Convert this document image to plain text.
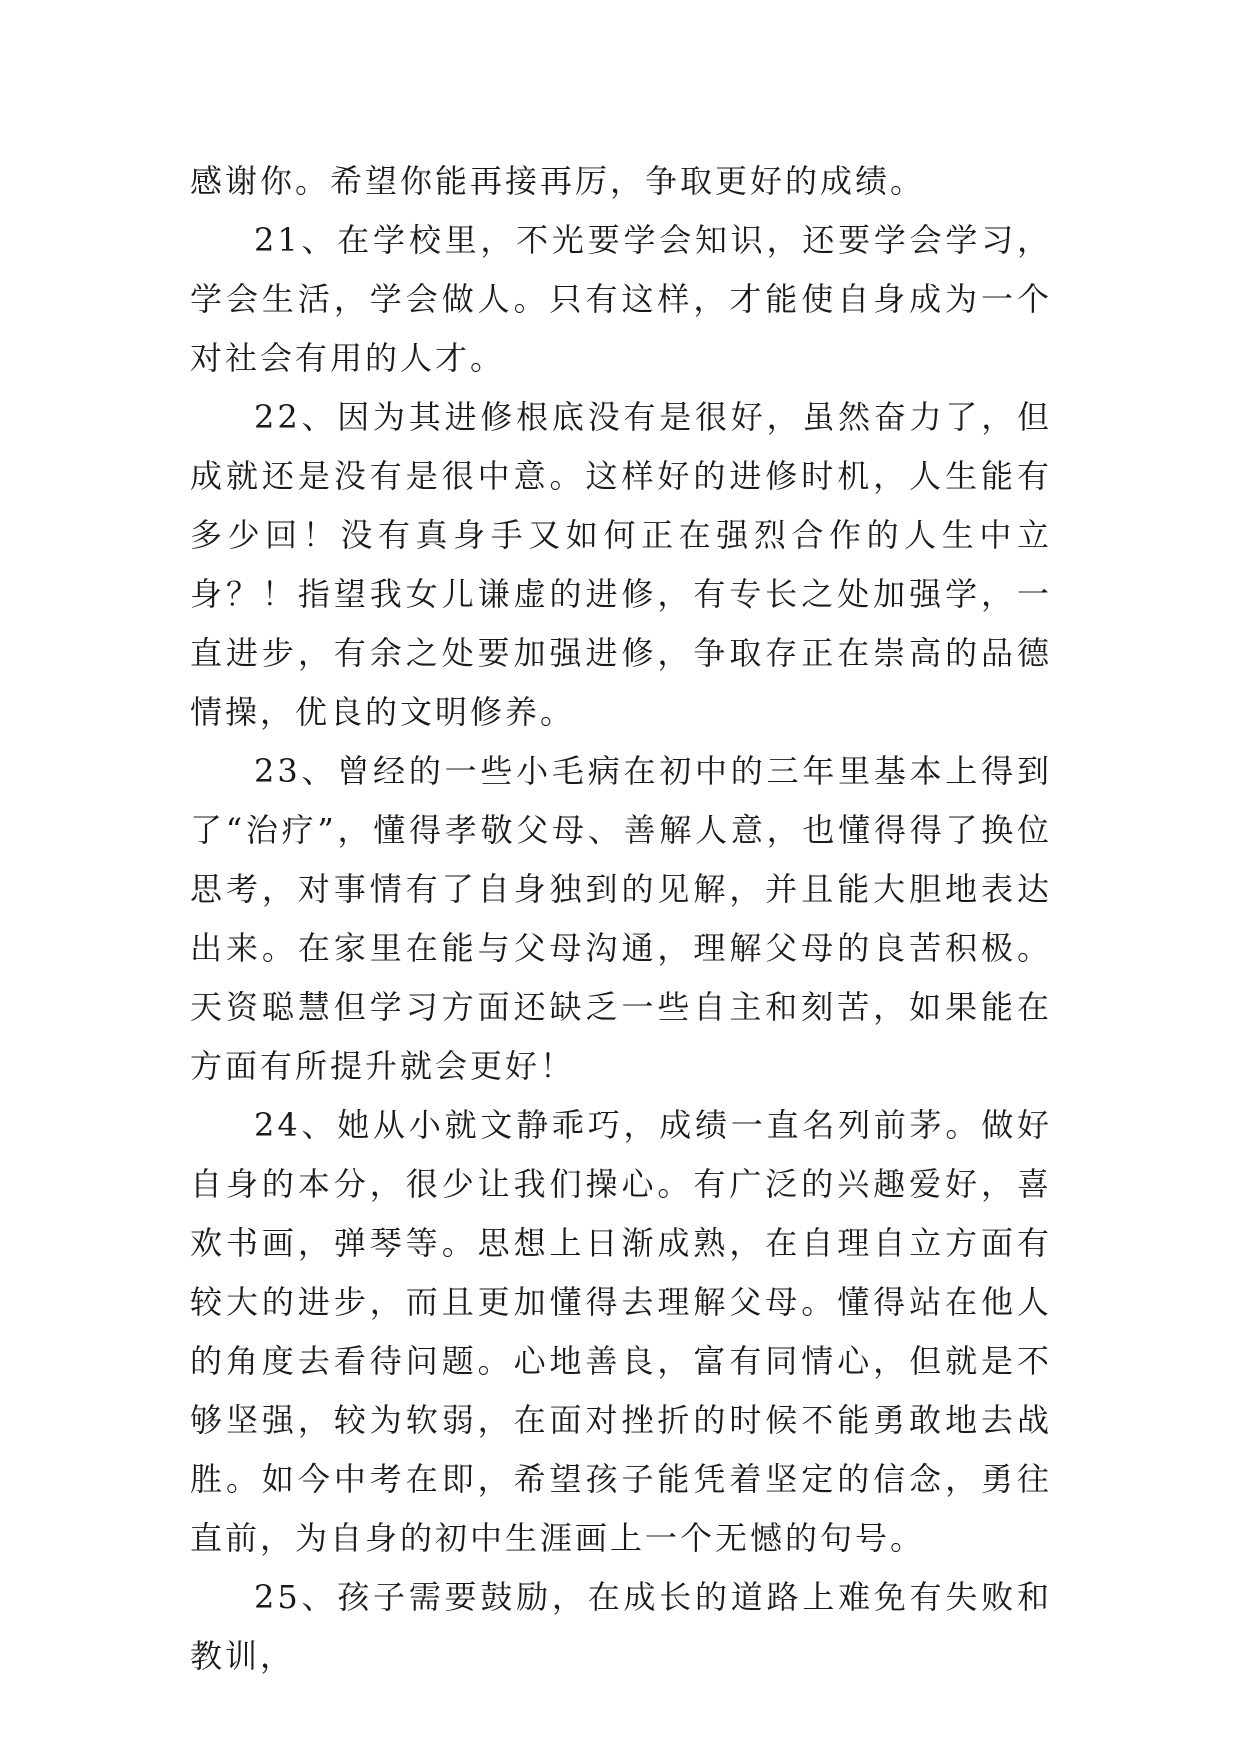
感谢你。希望你能再接再厉，争取更好的成绩。

21、在学校里，不光要学会知识，还要学会学习，学会生活，学会做人。只有这样，才能使自身成为一个对社会有用的人才。

22、因为其进修根底没有是很好，虽然奋力了，但成就还是没有是很中意。这样好的进修时机，人生能有多少回！没有真身手又如何正在强烈合作的人生中立身？！指望我女儿谦虚的进修，有专长之处加强学，一直进步，有余之处要加强进修，争取存正在崇高的品德情操，优良的文明修养。

23、曾经的一些小毛病在初中的三年里基本上得到了“治疗”，懂得孝敬父母、善解人意，也懂得得了换位思考，对事情有了自身独到的见解，并且能大胆地表达出来。在家里在能与父母沟通，理解父母的良苦积极。天资聪慧但学习方面还缺乏一些自主和刻苦，如果能在方面有所提升就会更好！

24、她从小就文静乖巧，成绩一直名列前茅。做好自身的本分，很少让我们操心。有广泛的兴趣爱好，喜欢书画，弹琴等。思想上日渐成熟，在自理自立方面有较大的进步，而且更加懂得去理解父母。懂得站在他人的角度去看待问题。心地善良，富有同情心，但就是不够坚强，较为软弱，在面对挫折的时候不能勇敢地去战胜。如今中考在即，希望孩子能凭着坚定的信念，勇往直前，为自身的初中生涯画上一个无憾的句号。

25、孩子需要鼓励，在成长的道路上难免有失败和教训，
